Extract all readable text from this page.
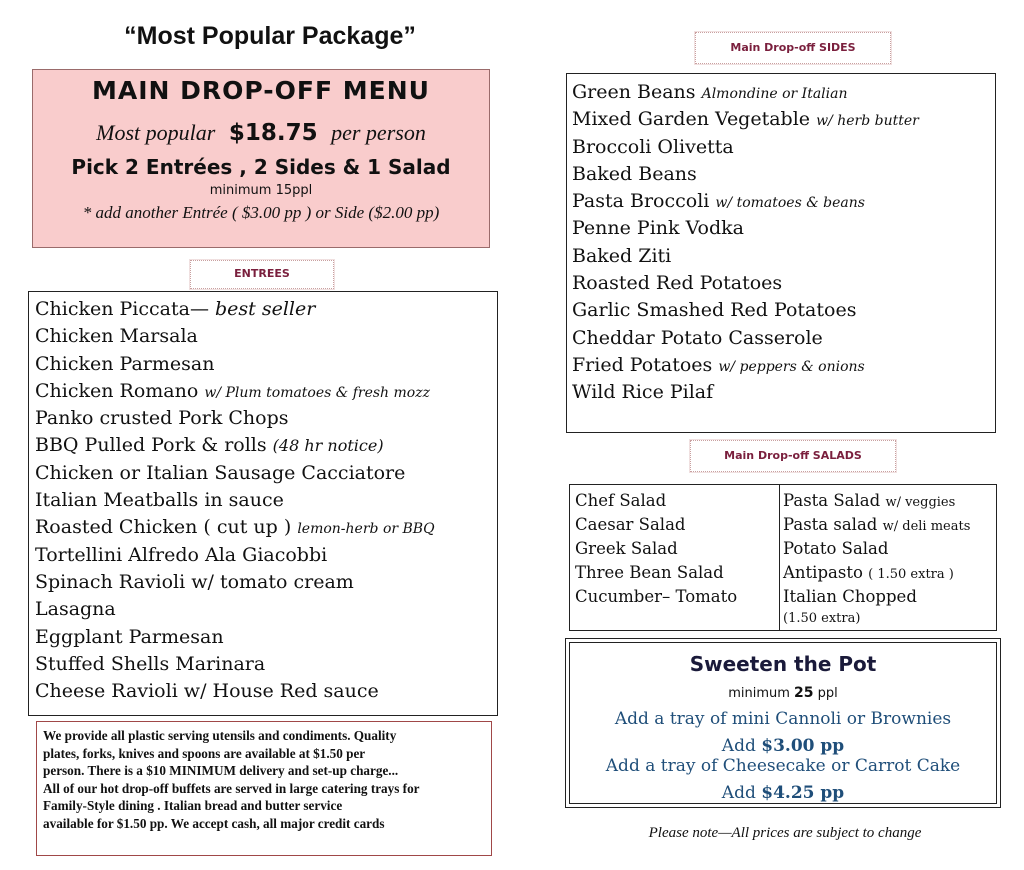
“Most Popular Package”
MAIN DROP-OFF MENU
Most popular $18.75 per person
Pick 2 Entrées , 2 Sides & 1 Salad
minimum 15ppl
* add another Entrée ( $3.00 pp ) or Side ($2.00 pp)
ENTREES
Chicken Piccata— best seller
Chicken Marsala
Chicken Parmesan
Chicken Romano w/ Plum tomatoes & fresh mozz
Panko crusted Pork Chops
BBQ Pulled Pork & rolls (48 hr notice)
Chicken or Italian Sausage Cacciatore
Italian Meatballs in sauce
Roasted Chicken ( cut up ) lemon-herb or BBQ
Tortellini Alfredo Ala Giacobbi
Spinach Ravioli w/ tomato cream
Lasagna
Eggplant Parmesan
Stuffed Shells Marinara
Cheese Ravioli w/ House Red sauce
We provide all plastic serving utensils and condiments. Quality
plates, forks, knives and spoons are available at $1.50 per
person. There is a $10 MINIMUM delivery and set-up charge...
All of our hot drop-off buffets are served in large catering trays for
Family-Style dining . Italian bread and butter service
available for $1.50 pp. We accept cash, all major credit cards
Main Drop-off SIDES
Green Beans Almondine or Italian
Mixed Garden Vegetable w/ herb butter
Broccoli Olivetta
Baked Beans
Pasta Broccoli w/ tomatoes & beans
Penne Pink Vodka
Baked Ziti
Roasted Red Potatoes
Garlic Smashed Red Potatoes
Cheddar Potato Casserole
Fried Potatoes w/ peppers & onions
Wild Rice Pilaf
Main Drop-off SALADS
Chef Salad
Caesar Salad
Greek Salad
Three Bean Salad
Cucumber– Tomato
Pasta Salad w/ veggies
Pasta salad w/ deli meats
Potato Salad
Antipasto ( 1.50 extra )
Italian Chopped
(1.50 extra)
Sweeten the Pot
minimum 25 ppl
Add a tray of mini Cannoli or Brownies
Add $3.00 pp
Add a tray of Cheesecake or Carrot Cake
Add $4.25 pp
Please note—All prices are subject to change
